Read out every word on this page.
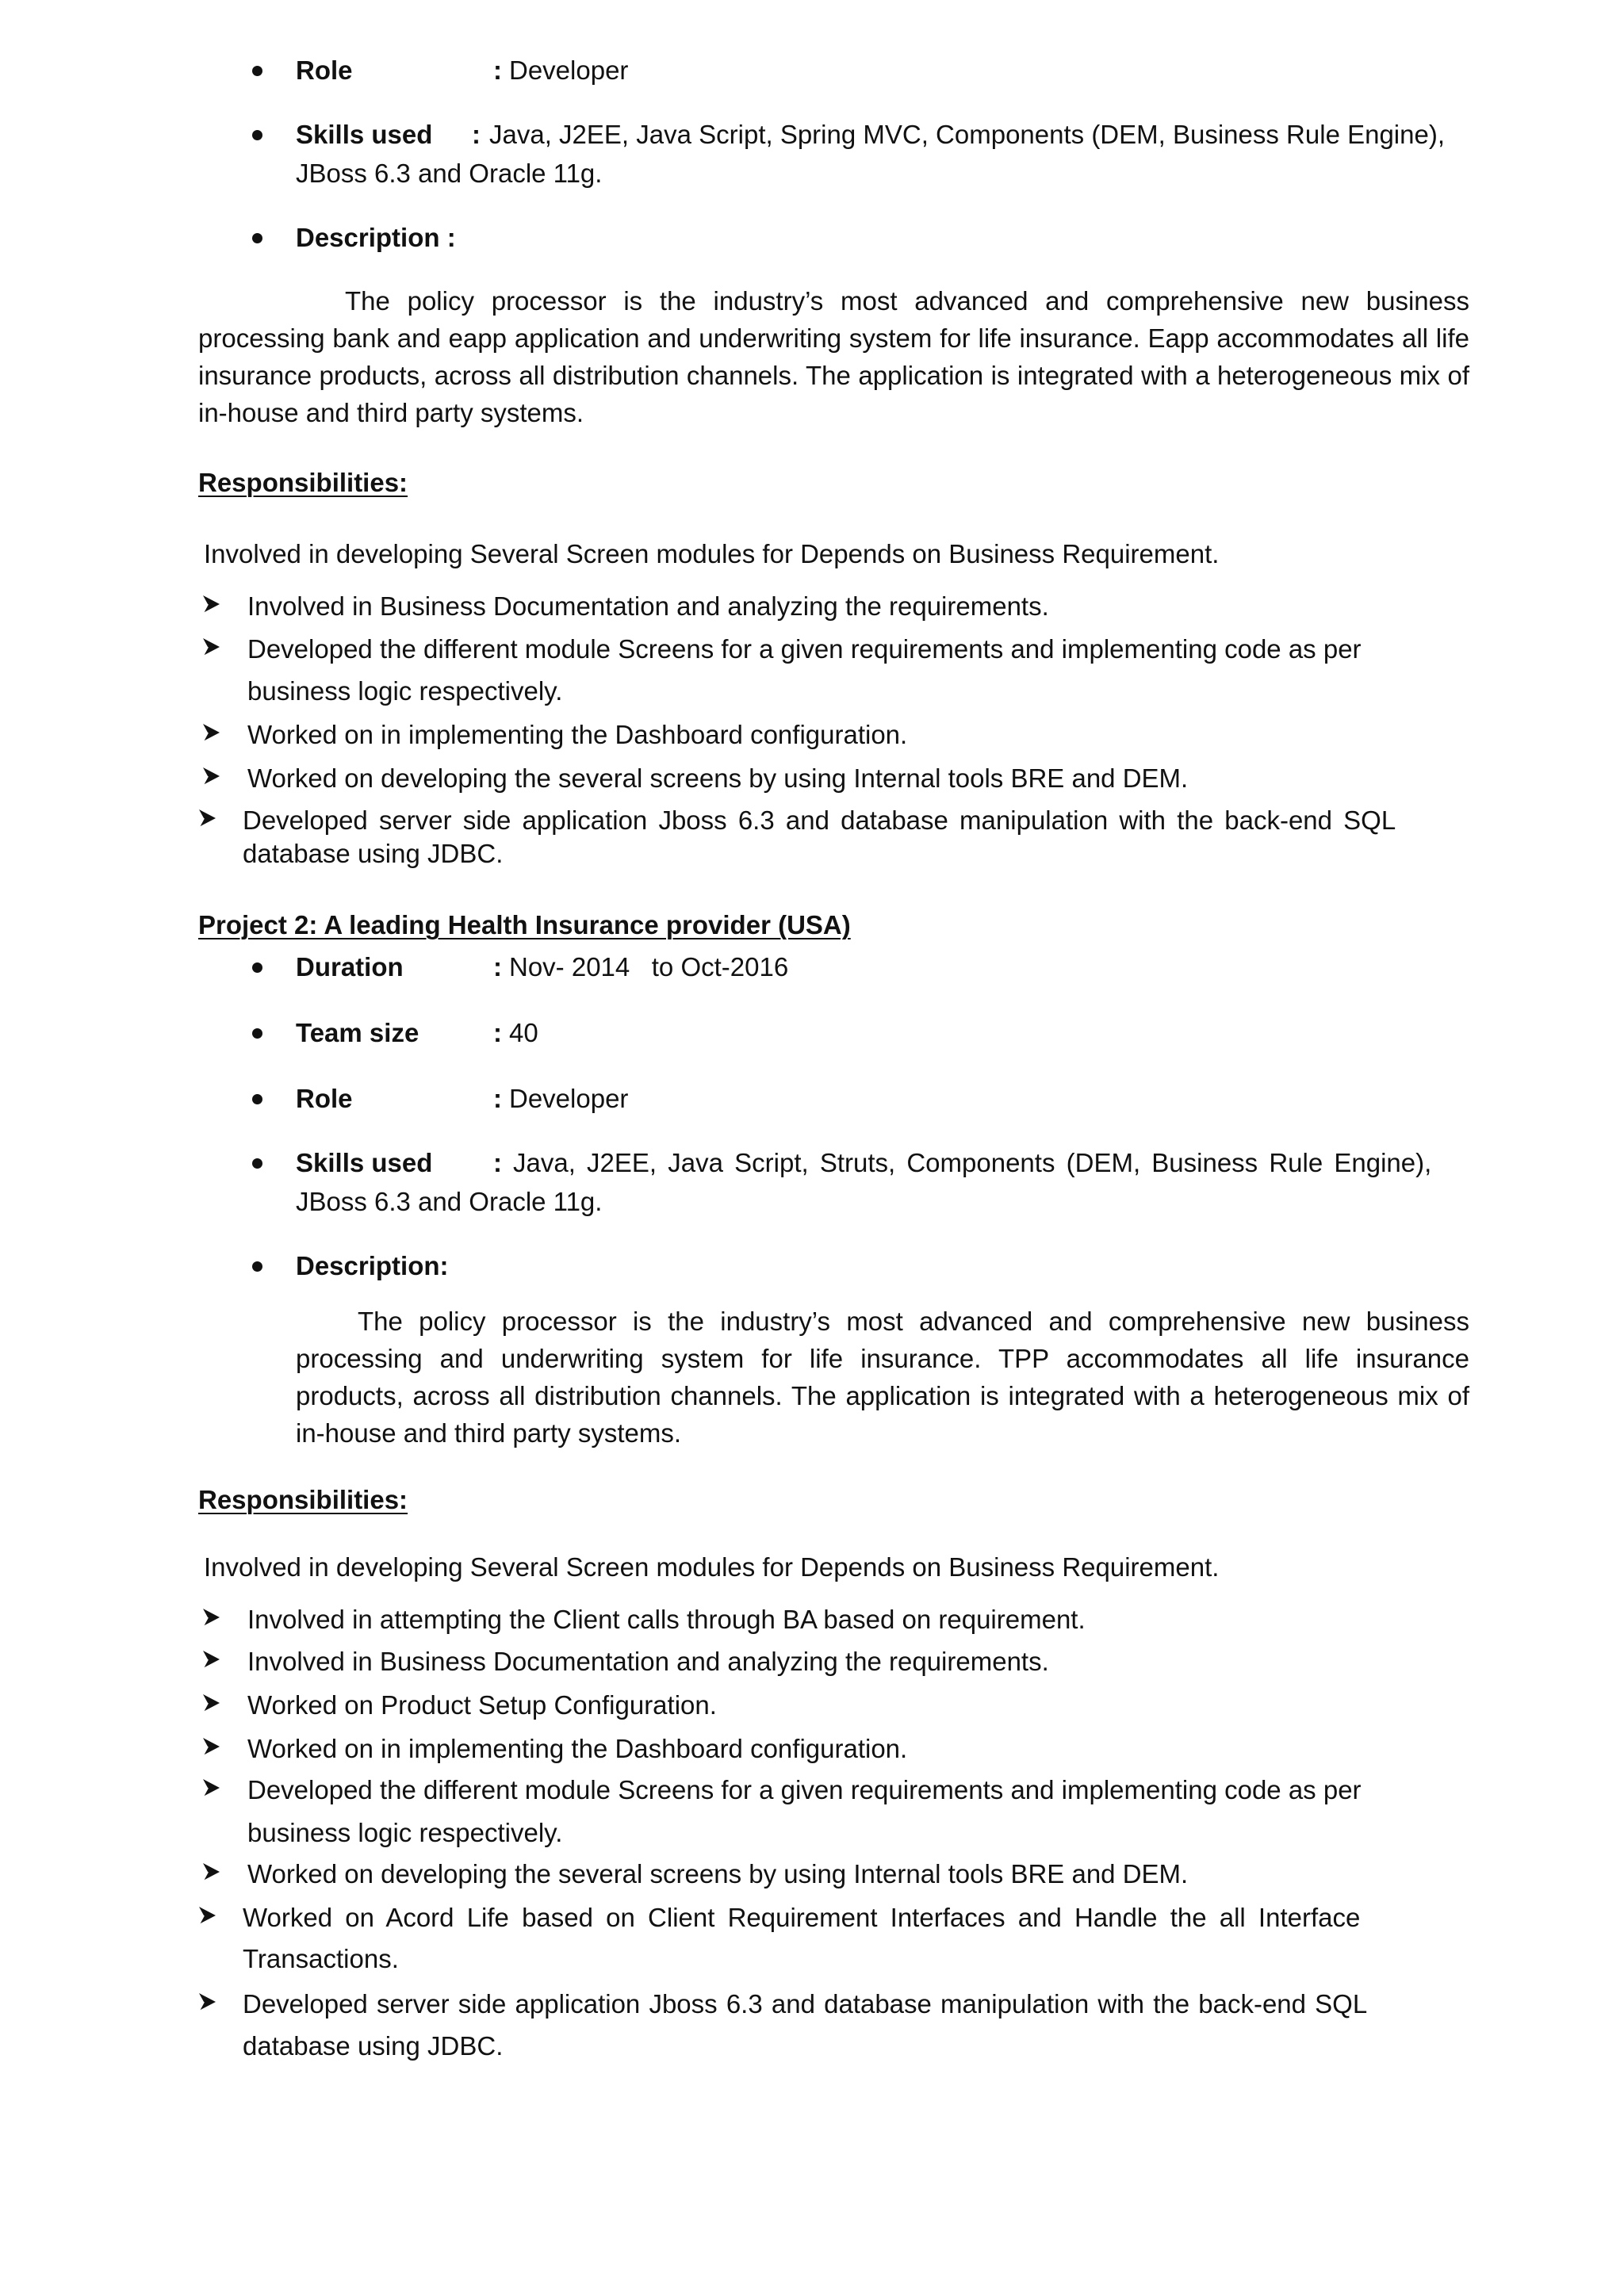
Role	: Developer
Skills used : Java, J2EE, Java Script, Spring MVC, Components (DEM, Business Rule Engine),
JBoss 6.3 and Oracle 11g.
Description :
The policy processor is the industry’s most advanced and comprehensive new business processing bank and eapp application and underwriting system for life insurance. Eapp accommodates all life insurance products, across all distribution channels. The application is integrated with a heterogeneous mix of in-house and third party systems.
Responsibilities:
Involved in developing Several Screen modules for Depends on Business Requirement.
Involved in Business Documentation and analyzing the requirements.
Developed the different module Screens for a given requirements and implementing code as per
business logic respectively.
Worked on in implementing the Dashboard configuration.
Worked on developing the several screens by using Internal tools BRE and DEM.
Developed server side application Jboss 6.3 and database manipulation with the back-end SQL
database using JDBC.
Project 2: A leading Health Insurance provider (USA)
Duration	: Nov- 2014   to Oct-2016
Team size	: 40
Role	: Developer
Skills used : Java, J2EE, Java Script, Struts, Components (DEM, Business Rule Engine),
JBoss 6.3 and Oracle 11g.
Description:
The policy processor is the industry’s most advanced and comprehensive new business processing and underwriting system for life insurance. TPP accommodates all life insurance products, across all distribution channels. The application is integrated with a heterogeneous mix of in-house and third party systems.
Responsibilities:
Involved in developing Several Screen modules for Depends on Business Requirement.
Involved in attempting the Client calls through BA based on requirement.
Involved in Business Documentation and analyzing the requirements.
Worked on Product Setup Configuration.
Worked on in implementing the Dashboard configuration.
Developed the different module Screens for a given requirements and implementing code as per
business logic respectively.
Worked on developing the several screens by using Internal tools BRE and DEM.
Worked on Acord Life based on Client Requirement Interfaces and Handle the all Interface
Transactions.
Developed server side application Jboss 6.3 and database manipulation with the back-end SQL
database using JDBC.
